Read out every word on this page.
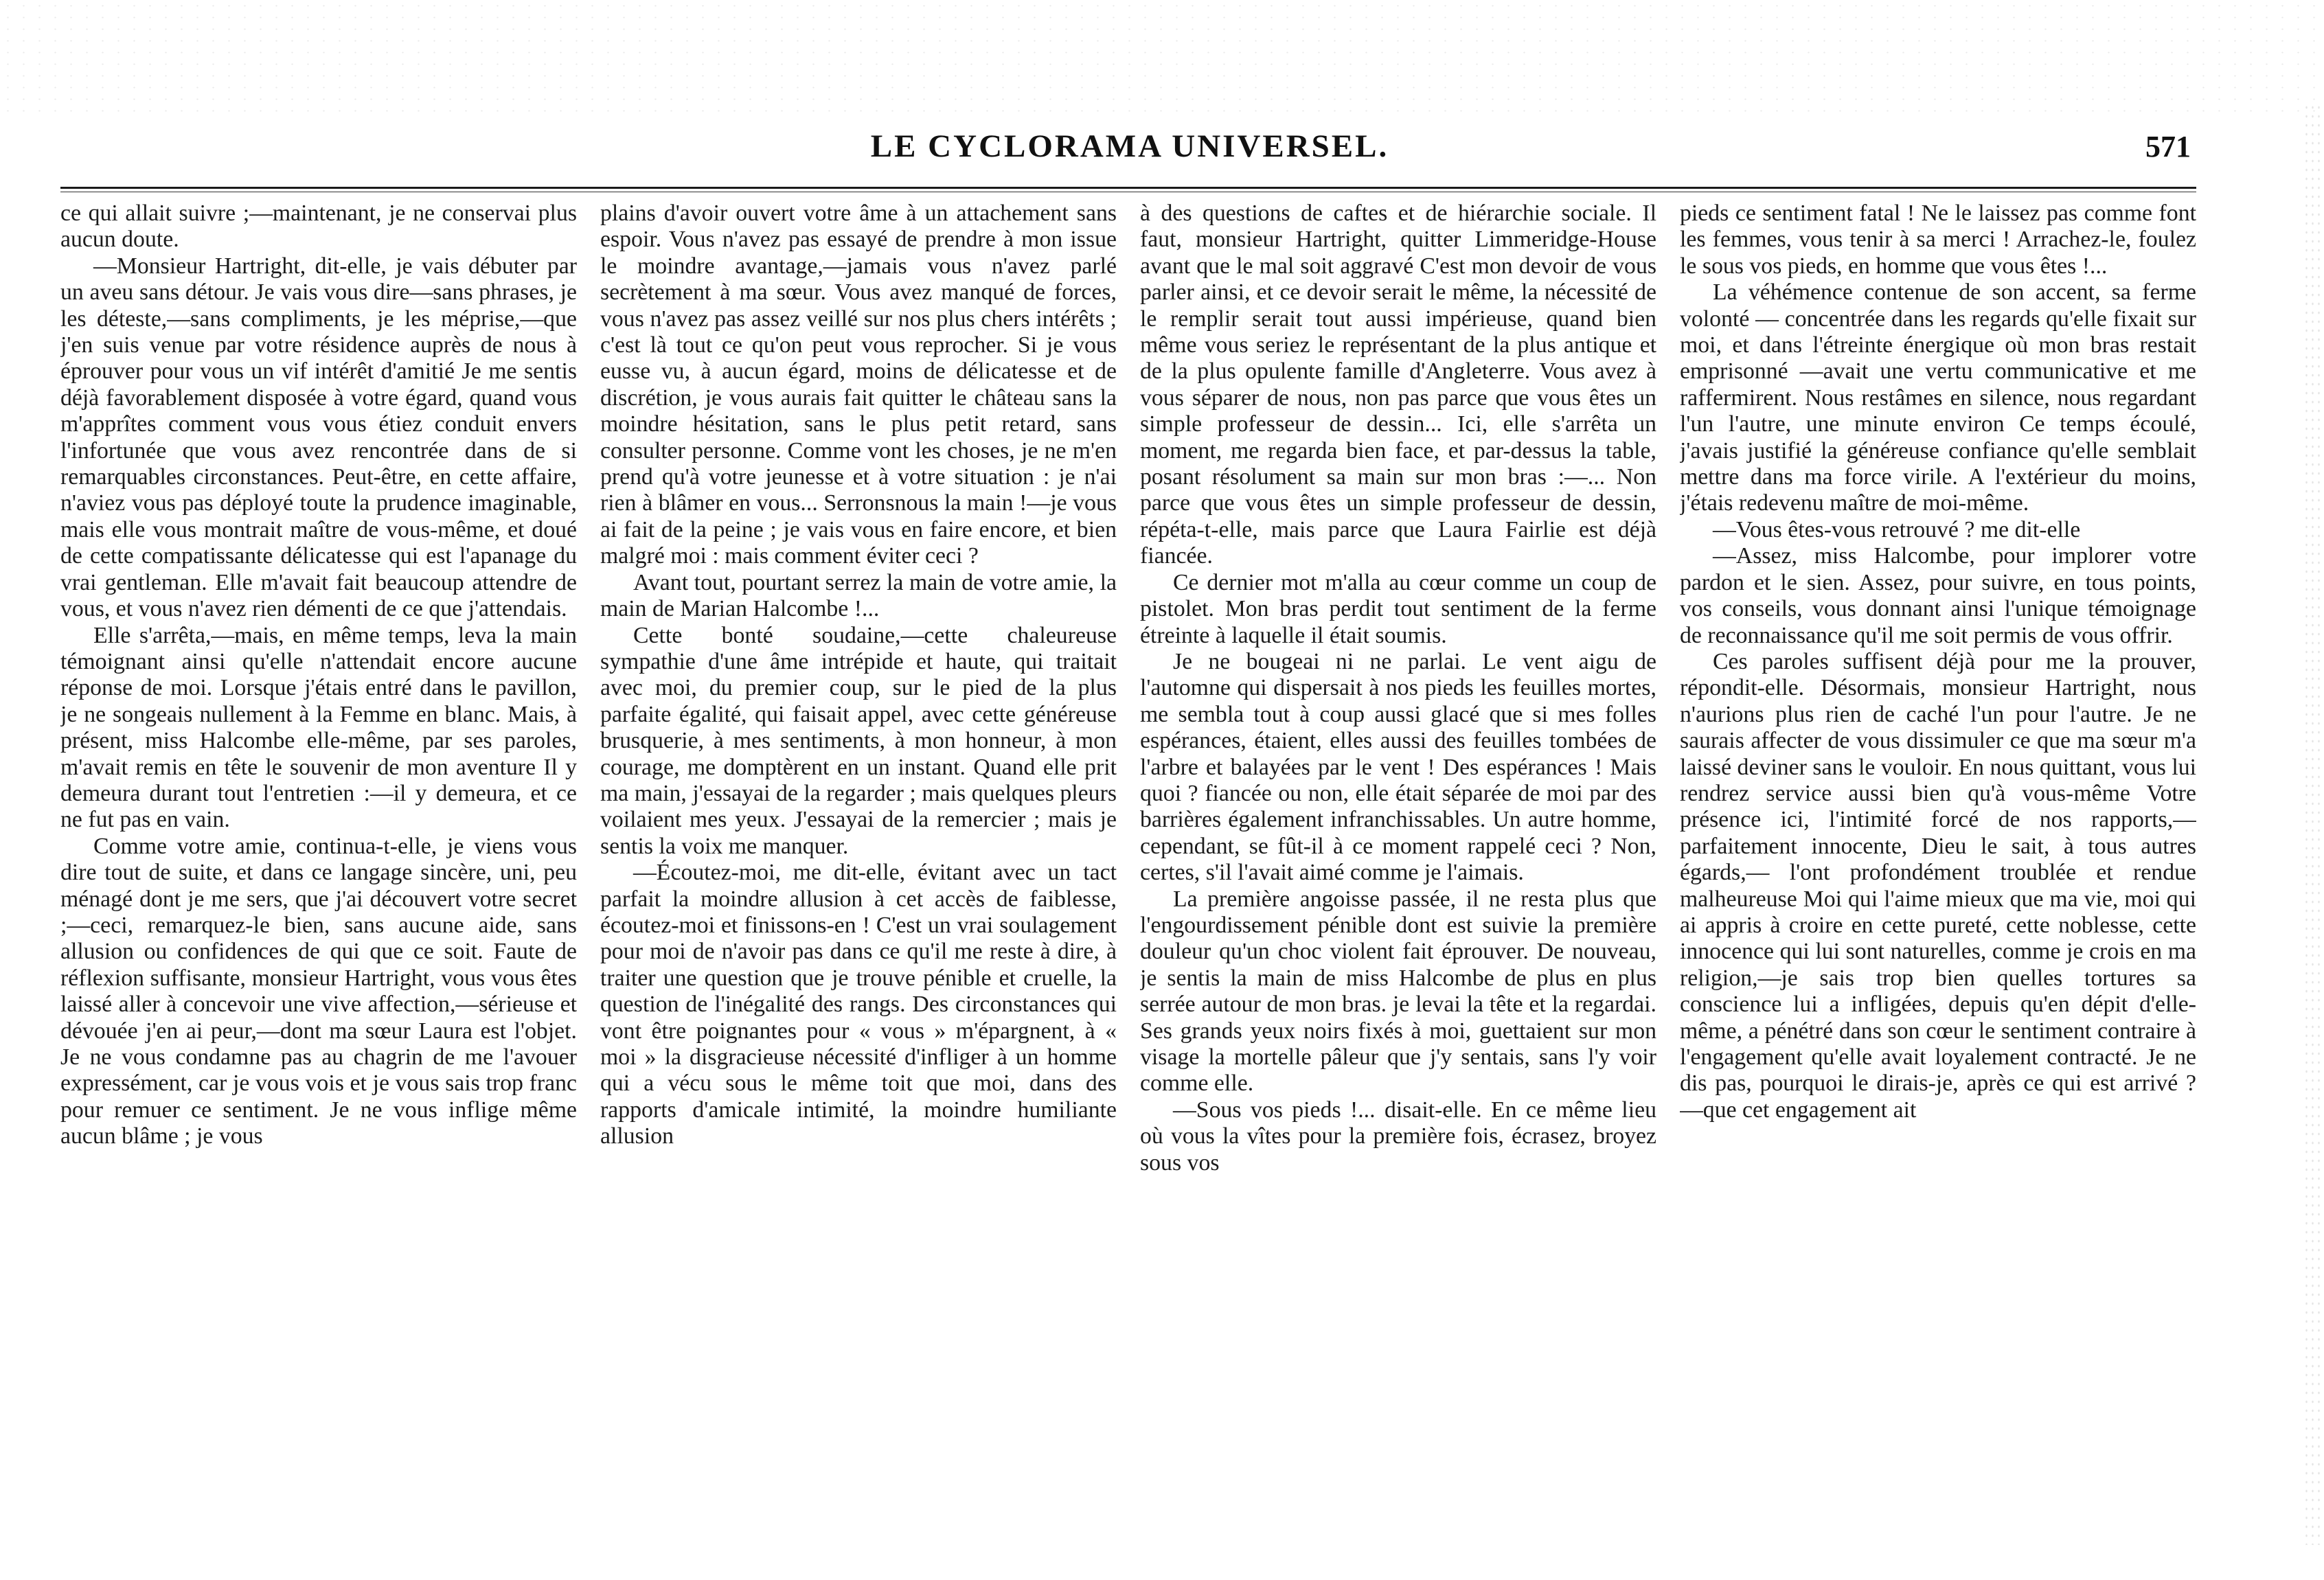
LE CYCLORAMA UNIVERSEL.	571

ce qui allait suivre ;—maintenant, je ne conservai plus aucun doute.

—Monsieur Hartright, dit-elle, je vais débuter par un aveu sans détour. Je vais vous dire—sans phrases, je les déteste,—sans compliments, je les méprise,—que j'en suis venue par votre résidence auprès de nous à éprouver pour vous un vif intérêt d'amitié Je me sentis déjà favorablement disposée à votre égard, quand vous m'apprîtes comment vous vous étiez conduit envers l'infortunée que vous avez rencontrée dans de si remarquables circonstances. Peut-être, en cette affaire, n'aviez vous pas déployé toute la prudence imaginable, mais elle vous montrait maître de vous-même, et doué de cette compatissante délicatesse qui est l'apanage du vrai gentleman. Elle m'avait fait beaucoup attendre de vous, et vous n'avez rien démenti de ce que j'attendais.

Elle s'arrêta,—mais, en même temps, leva la main témoignant ainsi qu'elle n'attendait encore aucune réponse de moi. Lorsque j'étais entré dans le pavillon, je ne songeais nullement à la Femme en blanc. Mais, à présent, miss Halcombe elle-même, par ses paroles, m'avait remis en tête le souvenir de mon aventure Il y demeura durant tout l'entretien :—il y demeura, et ce ne fut pas en vain.

Comme votre amie, continua-t-elle, je viens vous dire tout de suite, et dans ce langage sincère, uni, peu ménagé dont je me sers, que j'ai découvert votre secret ;—ceci, remarquez-le bien, sans aucune aide, sans allusion ou confidences de qui que ce soit. Faute de réflexion suffisante, monsieur Hartright, vous vous êtes laissé aller à concevoir une vive affection,—sérieuse et dévouée j'en ai peur,—dont ma sœur Laura est l'objet. Je ne vous condamne pas au chagrin de me l'avouer expressément, car je vous vois et je vous sais trop franc pour remuer ce sentiment. Je ne vous inflige même aucun blâme ; je vous

plains d'avoir ouvert votre âme à un attachement sans espoir. Vous n'avez pas essayé de prendre à mon issue le moindre avantage,—jamais vous n'avez parlé secrètement à ma sœur. Vous avez manqué de forces, vous n'avez pas assez veillé sur nos plus chers intérêts ; c'est là tout ce qu'on peut vous reprocher. Si je vous eusse vu, à aucun égard, moins de délicatesse et de discrétion, je vous aurais fait quitter le château sans la moindre hésitation, sans le plus petit retard, sans consulter personne. Comme vont les choses, je ne m'en prend qu'à votre jeunesse et à votre situation : je n'ai rien à blâmer en vous... Serronsnous la main !—je vous ai fait de la peine ; je vais vous en faire encore, et bien malgré moi : mais comment éviter ceci ?

Avant tout, pourtant serrez la main de votre amie, la main de Marian Halcombe !...

Cette bonté soudaine,—cette chaleureuse sympathie d'une âme intrépide et haute, qui traitait avec moi, du premier coup, sur le pied de la plus parfaite égalité, qui faisait appel, avec cette généreuse brusquerie, à mes sentiments, à mon honneur, à mon courage, me domptèrent en un instant. Quand elle prit ma main, j'essayai de la regarder ; mais quelques pleurs voilaient mes yeux. J'essayai de la remercier ; mais je sentis la voix me manquer.

—Écoutez-moi, me dit-elle, évitant avec un tact parfait la moindre allusion à cet accès de faiblesse, écoutez-moi et finissons-en ! C'est un vrai soulagement pour moi de n'avoir pas dans ce qu'il me reste à dire, à traiter une question que je trouve pénible et cruelle, la question de l'inégalité des rangs. Des circonstances qui vont être poignantes pour « vous » m'épargnent, à « moi » la disgracieuse nécessité d'infliger à un homme qui a vécu sous le même toit que moi, dans des rapports d'amicale intimité, la moindre humiliante allusion

à des questions de caftes et de hiérarchie sociale. Il faut, monsieur Hartright, quitter Limmeridge-House avant que le mal soit aggravé C'est mon devoir de vous parler ainsi, et ce devoir serait le même, la nécessité de le remplir serait tout aussi impérieuse, quand bien même vous seriez le représentant de la plus antique et de la plus opulente famille d'Angleterre. Vous avez à vous séparer de nous, non pas parce que vous êtes un simple professeur de dessin... Ici, elle s'arrêta un moment, me regarda bien face, et par-dessus la table, posant résolument sa main sur mon bras :—... Non parce que vous êtes un simple professeur de dessin, répéta-t-elle, mais parce que Laura Fairlie est déjà fiancée.

Ce dernier mot m'alla au cœur comme un coup de pistolet. Mon bras perdit tout sentiment de la ferme étreinte à laquelle il était soumis.

Je ne bougeai ni ne parlai. Le vent aigu de l'automne qui dispersait à nos pieds les feuilles mortes, me sembla tout à coup aussi glacé que si mes folles espérances, étaient, elles aussi des feuilles tombées de l'arbre et balayées par le vent ! Des espérances ! Mais quoi ? fiancée ou non, elle était séparée de moi par des barrières également infranchissables. Un autre homme, cependant, se fût-il à ce moment rappelé ceci ? Non, certes, s'il l'avait aimé comme je l'aimais.

La première angoisse passée, il ne resta plus que l'engourdissement pénible dont est suivie la première douleur qu'un choc violent fait éprouver. De nouveau, je sentis la main de miss Halcombe de plus en plus serrée autour de mon bras. je levai la tête et la regardai. Ses grands yeux noirs fixés à moi, guettaient sur mon visage la mortelle pâleur que j'y sentais, sans l'y voir comme elle.

—Sous vos pieds !... disait-elle. En ce même lieu où vous la vîtes pour la première fois, écrasez, broyez sous vos

pieds ce sentiment fatal ! Ne le laissez pas comme font les femmes, vous tenir à sa merci ! Arrachez-le, foulez le sous vos pieds, en homme que vous êtes !...

La véhémence contenue de son accent, sa ferme volonté — concentrée dans les regards qu'elle fixait sur moi, et dans l'étreinte énergique où mon bras restait emprisonné —avait une vertu communicative et me raffermirent. Nous restâmes en silence, nous regardant l'un l'autre, une minute environ Ce temps écoulé, j'avais justifié la généreuse confiance qu'elle semblait mettre dans ma force virile. A l'extérieur du moins, j'étais redevenu maître de moi-même.

—Vous êtes-vous retrouvé ? me dit-elle

—Assez, miss Halcombe, pour implorer votre pardon et le sien. Assez, pour suivre, en tous points, vos conseils, vous donnant ainsi l'unique témoignage de reconnaissance qu'il me soit permis de vous offrir.

Ces paroles suffisent déjà pour me la prouver, répondit-elle. Désormais, monsieur Hartright, nous n'aurions plus rien de caché l'un pour l'autre. Je ne saurais affecter de vous dissimuler ce que ma sœur m'a laissé deviner sans le vouloir. En nous quittant, vous lui rendrez service aussi bien qu'à vous-même Votre présence ici, l'intimité forcé de nos rapports,—parfaitement innocente, Dieu le sait, à tous autres égards,— l'ont profondément troublée et rendue malheureuse Moi qui l'aime mieux que ma vie, moi qui ai appris à croire en cette pureté, cette noblesse, cette innocence qui lui sont naturelles, comme je crois en ma religion,—je sais trop bien quelles tortures sa conscience lui a infligées, depuis qu'en dépit d'elle-même, a pénétré dans son cœur le sentiment contraire à l'engagement qu'elle avait loyalement contracté. Je ne dis pas, pourquoi le dirais-je, après ce qui est arrivé ?—que cet engagement ait
